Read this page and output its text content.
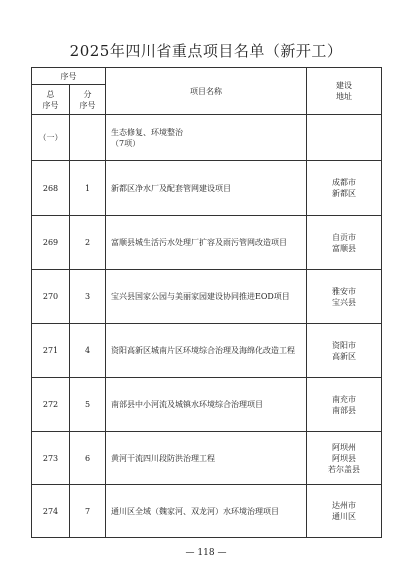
2025年四川省重点项目名单（新开工）
序号		项目名称	建设
地址
总
序号	分
序号		
（一）		生态修复、环境整治
（7项）	
268	1	新都区净水厂及配套管网建设项目	成都市
新都区
269	2	富顺县城生活污水处理厂扩容及雨污管网改造项目	自贡市
富顺县
270	3	宝兴县国家公园与美丽家园建设协同推进EOD项目	雅安市
宝兴县
271	4	资阳高新区城南片区环境综合治理及海绵化改造工程	资阳市
高新区
272	5	南部县中小河流及城镇水环境综合治理项目	南充市
南部县
273	6	黄河干流四川段防洪治理工程	阿坝州
阿坝县
若尔盖县
274	7	通川区全域（魏家河、双龙河）水环境治理项目	达州市
通川区
— 118 —
